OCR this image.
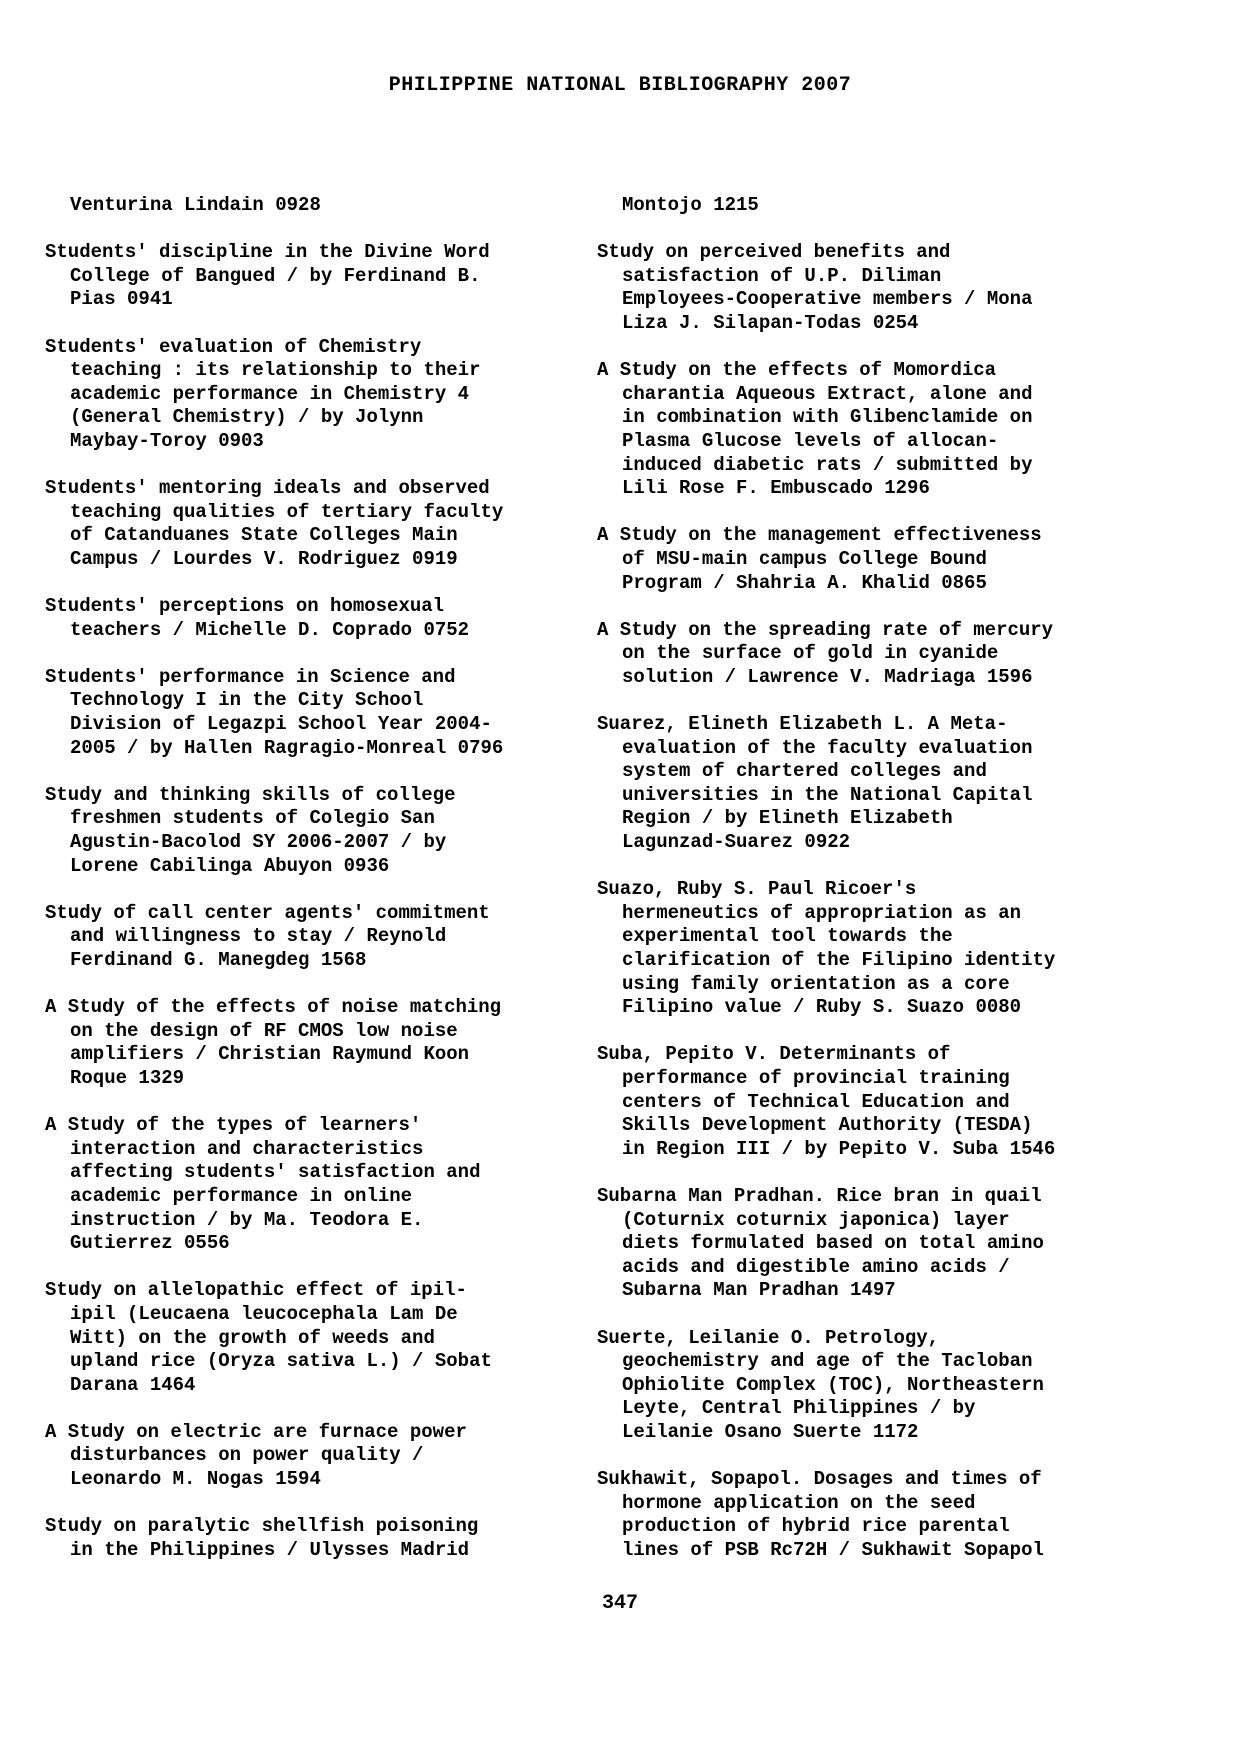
PHILIPPINE NATIONAL BIBLIOGRAPHY 2007
Venturina Lindain 0928
Students' discipline in the Divine Word
College of Bangued / by Ferdinand B.
Pias 0941
Students' evaluation of Chemistry
teaching : its relationship to their
academic performance in Chemistry 4
(General Chemistry) / by Jolynn
Maybay-Toroy 0903
Students' mentoring ideals and observed
teaching qualities of tertiary faculty
of Catanduanes State Colleges Main
Campus / Lourdes V. Rodriguez 0919
Students' perceptions on homosexual
teachers / Michelle D. Coprado 0752
Students' performance in Science and
Technology I in the City School
Division of Legazpi School Year 2004-
2005 / by Hallen Ragragio-Monreal 0796
Study and thinking skills of college
freshmen students of Colegio San
Agustin-Bacolod SY 2006-2007 / by
Lorene Cabilinga Abuyon 0936
Study of call center agents' commitment
and willingness to stay / Reynold
Ferdinand G. Manegdeg 1568
A Study of the effects of noise matching
on the design of RF CMOS low noise
amplifiers / Christian Raymund Koon
Roque 1329
A Study of the types of learners'
interaction and characteristics
affecting students' satisfaction and
academic performance in online
instruction / by Ma. Teodora E.
Gutierrez 0556
Study on allelopathic effect of ipil-
ipil (Leucaena leucocephala Lam De
Witt) on the growth of weeds and
upland rice (Oryza sativa L.) / Sobat
Darana 1464
A Study on electric are furnace power
disturbances on power quality /
Leonardo M. Nogas 1594
Study on paralytic shellfish poisoning
in the Philippines / Ulysses Madrid
Montojo 1215
Study on perceived benefits and
satisfaction of U.P. Diliman
Employees-Cooperative members / Mona
Liza J. Silapan-Todas 0254
A Study on the effects of Momordica
charantia Aqueous Extract, alone and
in combination with Glibenclamide on
Plasma Glucose levels of allocan-
induced diabetic rats / submitted by
Lili Rose F. Embuscado 1296
A Study on the management effectiveness
of MSU-main campus College Bound
Program / Shahria A. Khalid 0865
A Study on the spreading rate of mercury
on the surface of gold in cyanide
solution / Lawrence V. Madriaga 1596
Suarez, Elineth Elizabeth L. A Meta-
evaluation of the faculty evaluation
system of chartered colleges and
universities in the National Capital
Region / by Elineth Elizabeth
Lagunzad-Suarez 0922
Suazo, Ruby S. Paul Ricoer's
hermeneutics of appropriation as an
experimental tool towards the
clarification of the Filipino identity
using family orientation as a core
Filipino value / Ruby S. Suazo 0080
Suba, Pepito V. Determinants of
performance of provincial training
centers of Technical Education and
Skills Development Authority (TESDA)
in Region III / by Pepito V. Suba 1546
Subarna Man Pradhan. Rice bran in quail
(Coturnix coturnix japonica) layer
diets formulated based on total amino
acids and digestible amino acids /
Subarna Man Pradhan 1497
Suerte, Leilanie O. Petrology,
geochemistry and age of the Tacloban
Ophiolite Complex (TOC), Northeastern
Leyte, Central Philippines / by
Leilanie Osano Suerte 1172
Sukhawit, Sopapol. Dosages and times of
hormone application on the seed
production of hybrid rice parental
lines of PSB Rc72H / Sukhawit Sopapol
347
